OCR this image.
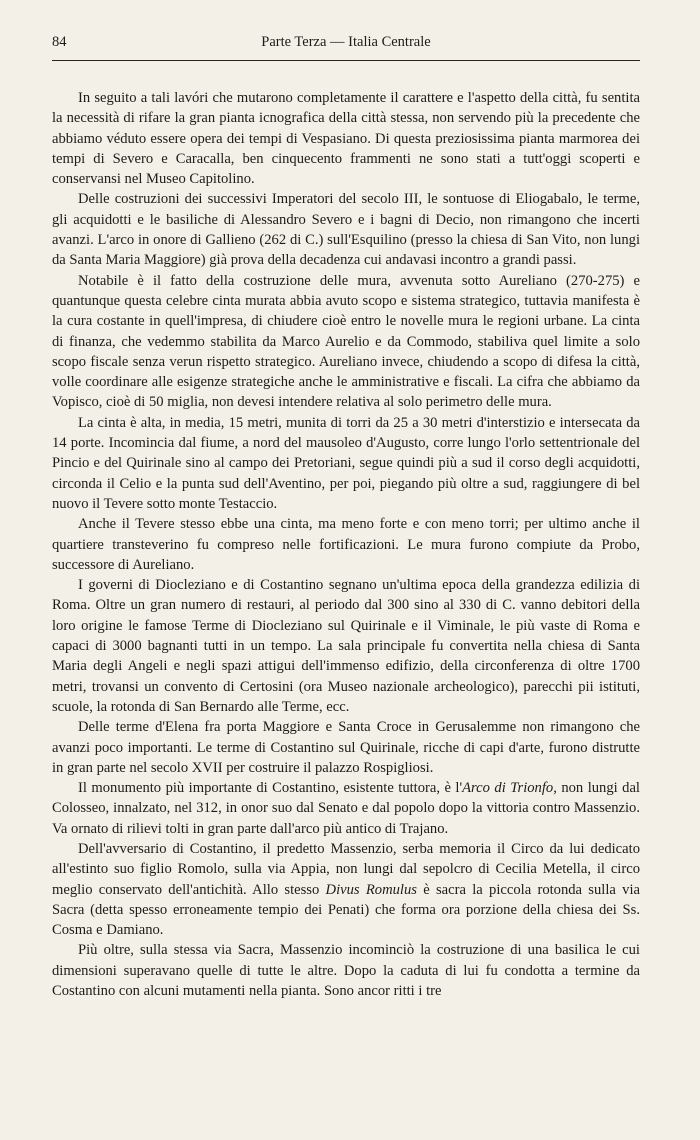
84	Parte Terza — Italia Centrale

In seguito a tali lavóri che mutarono completamente il carattere e l'aspetto della città, fu sentita la necessità di rifare la gran pianta icnografica della città stessa, non servendo più la precedente che abbiamo véduto essere opera dei tempi di Vespasiano. Di questa preziosissima pianta marmorea dei tempi di Severo e Caracalla, ben cinquecento frammenti ne sono stati a tutt'oggi scoperti e conservansi nel Museo Capitolino.

Delle costruzioni dei successivi Imperatori del secolo III, le sontuose di Eliogabalo, le terme, gli acquidotti e le basiliche di Alessandro Severo e i bagni di Decio, non rimangono che incerti avanzi. L'arco in onore di Gallieno (262 di C.) sull'Esquilino (presso la chiesa di San Vito, non lungi da Santa Maria Maggiore) già prova della decadenza cui andavasi incontro a grandi passi.

Notabile è il fatto della costruzione delle mura, avvenuta sotto Aureliano (270-275) e quantunque questa celebre cinta murata abbia avuto scopo e sistema strategico, tuttavia manifesta è la cura costante in quell'impresa, di chiudere cioè entro le novelle mura le regioni urbane. La cinta di finanza, che vedemmo stabilita da Marco Aurelio e da Commodo, stabiliva quel limite a solo scopo fiscale senza verun rispetto strategico. Aureliano invece, chiudendo a scopo di difesa la città, volle coordinare alle esigenze strategiche anche le amministrative e fiscali. La cifra che abbiamo da Vopisco, cioè di 50 miglia, non devesi intendere relativa al solo perimetro delle mura.

La cinta è alta, in media, 15 metri, munita di torri da 25 a 30 metri d'interstizio e intersecata da 14 porte. Incomincia dal fiume, a nord del mausoleo d'Augusto, corre lungo l'orlo settentrionale del Pincio e del Quirinale sino al campo dei Pretoriani, segue quindi più a sud il corso degli acquidotti, circonda il Celio e la punta sud dell'Aventino, per poi, piegando più oltre a sud, raggiungere di bel nuovo il Tevere sotto monte Testaccio.

Anche il Tevere stesso ebbe una cinta, ma meno forte e con meno torri; per ultimo anche il quartiere transteverino fu compreso nelle fortificazioni. Le mura furono compiute da Probo, successore di Aureliano.

I governi di Diocleziano e di Costantino segnano un'ultima epoca della grandezza edilizia di Roma. Oltre un gran numero di restauri, al periodo dal 300 sino al 330 di C. vanno debitori della loro origine le famose Terme di Diocleziano sul Quirinale e il Viminale, le più vaste di Roma e capaci di 3000 bagnanti tutti in un tempo. La sala principale fu convertita nella chiesa di Santa Maria degli Angeli e negli spazi attigui dell'immenso edifizio, della circonferenza di oltre 1700 metri, trovansi un convento di Certosini (ora Museo nazionale archeologico), parecchi pii istituti, scuole, la rotonda di San Bernardo alle Terme, ecc.

Delle terme d'Elena fra porta Maggiore e Santa Croce in Gerusalemme non rimangono che avanzi poco importanti. Le terme di Costantino sul Quirinale, ricche di capi d'arte, furono distrutte in gran parte nel secolo XVII per costruire il palazzo Rospigliosi.

Il monumento più importante di Costantino, esistente tuttora, è l'Arco di Trionfo, non lungi dal Colosseo, innalzato, nel 312, in onor suo dal Senato e dal popolo dopo la vittoria contro Massenzio. Va ornato di rilievi tolti in gran parte dall'arco più antico di Trajano.

Dell'avversario di Costantino, il predetto Massenzio, serba memoria il Circo da lui dedicato all'estinto suo figlio Romolo, sulla via Appia, non lungi dal sepolcro di Cecilia Metella, il circo meglio conservato dell'antichità. Allo stesso Divus Romulus è sacra la piccola rotonda sulla via Sacra (detta spesso erroneamente tempio dei Penati) che forma ora porzione della chiesa dei Ss. Cosma e Damiano.

Più oltre, sulla stessa via Sacra, Massenzio incominciò la costruzione di una basilica le cui dimensioni superavano quelle di tutte le altre. Dopo la caduta di lui fu condotta a termine da Costantino con alcuni mutamenti nella pianta. Sono ancor ritti i tre
